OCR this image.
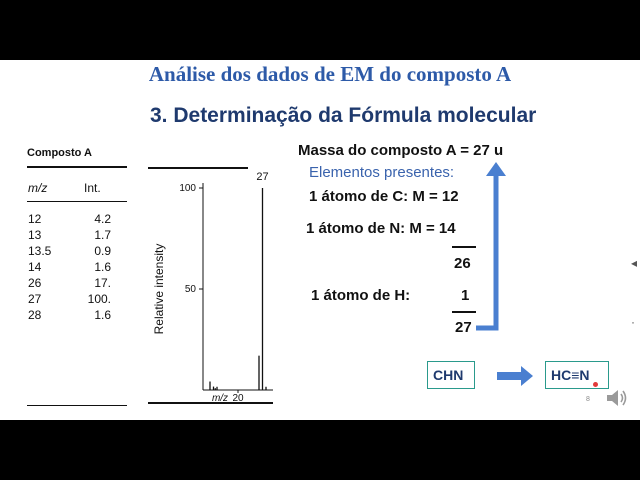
Análise dos dados de EM do composto A
3. Determinação da Fórmula molecular
Composto A
m/z	Int.
12	4.2
13	1.7
13.5	0.9
14	1.6
26	17.
27	100.
28	1.6
100
50
Relative intensity
20
m/z
27
Massa do composto A = 27 u
Elementos presentes:
1 átomo de C: M = 12
1 átomo de N: M = 14
26
1 átomo de H:	1
27
CHN	HC≡N
8
◂
·
